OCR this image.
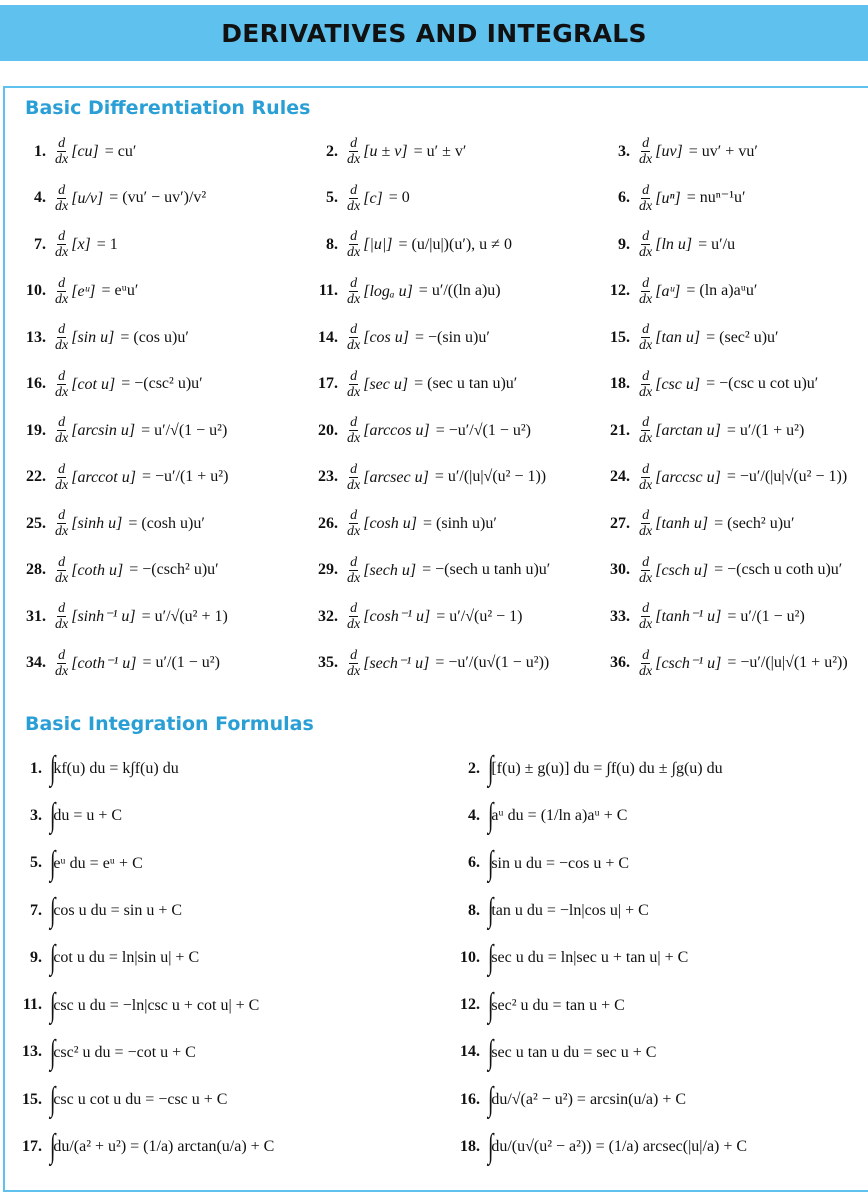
DERIVATIVES AND INTEGRALS
Basic Differentiation Rules
1. $\frac{d}{dx} [cu] = cu'$	2. $\frac{d}{dx} [u \pm v] = u' \pm v'$	3. $\frac{d}{dx} [uv] = uv' + vu'$
4. $\frac{d}{dx} [u/v] = (vu' - uv')/v^2$	5. $\frac{d}{dx} [c] = 0$	6. $\frac{d}{dx} [u^n] = nu^{n-1}u'$
7. $\frac{d}{dx} [x] = 1$	8. $\frac{d}{dx} [|u|] = (u/|u|)(u')$, u ≠ 0	9. $\frac{d}{dx} [\ln$ u] = u′/u
10. $\frac{d}{dx}$ [eᵘ] = eᵘu′	11. $\frac{d}{dx} [\log_a$ u] = u′/((ln a)u)	12. $\frac{d}{dx}$ [aᵘ] = (ln a)aᵘu′
13. $\frac{d}{dx} [\sin$ u] = (cos u)u′	14. $\frac{d}{dx} [\cos$ u] = −(sin u)u′	15. $\frac{d}{dx} [\tan$ u] = (sec² u)u′
16. $\frac{d}{dx} [\cot$ u] = −(csc² u)u′	17. $\frac{d}{dx} [\sec$ u] = (sec u tan u)u′	18. $\frac{d}{dx} [\csc$ u] = −(csc u cot u)u′
19. $\frac{d}{dx} [\arcsin$ u] = u′/√(1 − u²)	20. $\frac{d}{dx} [\arccos$ u] = −u′/√(1 − u²)	21. $\frac{d}{dx} [\arctan$ u] = u′/(1 + u²)
22. $\frac{d}{dx} [arccot$ u] = −u′/(1 + u²)	23. $\frac{d}{dx} [arcsec$ u] = u′/(|u|√(u² − 1))	24. $\frac{d}{dx} [arccsc$ u] = −u′/(|u|√(u² − 1))
25. $\frac{d}{dx} [\sinh$ u] = (cosh u)u′	26. $\frac{d}{dx} [\cosh$ u] = (sinh u)u′	27. $\frac{d}{dx} [\tanh$ u] = (sech² u)u′
28. $\frac{d}{dx} [\cot h$ u] = −(csch² u)u′	29. $\frac{d}{dx} [\sec h$ u] = −(sech u tanh u)u′	30. $\frac{d}{dx} [\csc h$ u] = −(csch u coth u)u′
31. $\frac{d}{dx} [\sinh^{-1}$ u] = u′/√(u² + 1)	32. $\frac{d}{dx} [\cosh^{-1}$ u] = u′/√(u² − 1)	33. $\frac{d}{dx} [\tanh^{-1}$ u] = u′/(1 − u²)
34. $\frac{d}{dx} [\cot h^{-1}$ u] = u′/(1 − u²)	35. $\frac{d}{dx} [\sec h^{-1}$ u] = −u′/(u√(1 − u²))	36. $\frac{d}{dx} [\csc h^{-1}$ u] = −u′/(|u|√(1 + u²))
Basic Integration Formulas
1. ∫kf(u) du = k∫f(u) du	2. ∫[f(u) ± g(u)] du = ∫f(u) du ± ∫g(u) du
3. ∫du = u + C	4. ∫aᵘ du = (1/ln a)aᵘ + C
5. ∫eᵘ du = eᵘ + C	6. ∫sin u du = −cos u + C
7. ∫cos u du = sin u + C	8. ∫tan u du = −ln|cos u| + C
9. ∫cot u du = ln|sin u| + C	10. ∫sec u du = ln|sec u + tan u| + C
11. ∫csc u du = −ln|csc u + cot u| + C	12. ∫sec² u du = tan u + C
13. ∫csc² u du = −cot u + C	14. ∫sec u tan u du = sec u + C
15. ∫csc u cot u du = −csc u + C	16. ∫du/√(a² − u²) = arcsin(u/a) + C
17. ∫du/(a² + u²) = (1/a) arctan(u/a) + C	18. ∫du/(u√(u² − a²)) = (1/a) arcsec(|u|/a) + C
